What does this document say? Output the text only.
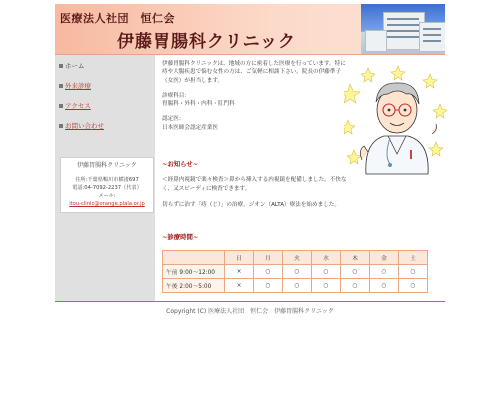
医療法人社団　恒仁会
伊藤胃腸科クリニック
ホーム
外来診療
アクセス
お問い合わせ
伊藤胃腸科クリニック
住所:千葉県鴨川市横渚697
電話:04-7092-2237（代表）
メール:
itou-clinic@orange.plala.or.jp

伊藤胃腸科クリニックは、地域の方に密着した医療を行っています。特に痔や大腸疾患で悩む女性の方は、ご気軽に相談下さい。院長の伊藤準子（女医）が担当します。

診療科目：
胃腸科・外科・内科・肛門科

認定医：
日本医師会認定産業医

~お知らせ~

＜経鼻内視鏡で楽々検査＞鼻から挿入する内視鏡を配備しました。不快なく、又スピーディに検査できます。

切らずに治す「痔（じ）」の治療。ジオン（ALTA）療法を始めました。

~診療時間~
	日	月	火	水	木	金	土
午前 9:00〜12:00	×	○	○	○	○	○	○
午後 2:00〜5:00	×	○	○	○	○	○	○
Copyright (C) 医療法人社団　恒仁会　伊藤胃腸科クリニック
